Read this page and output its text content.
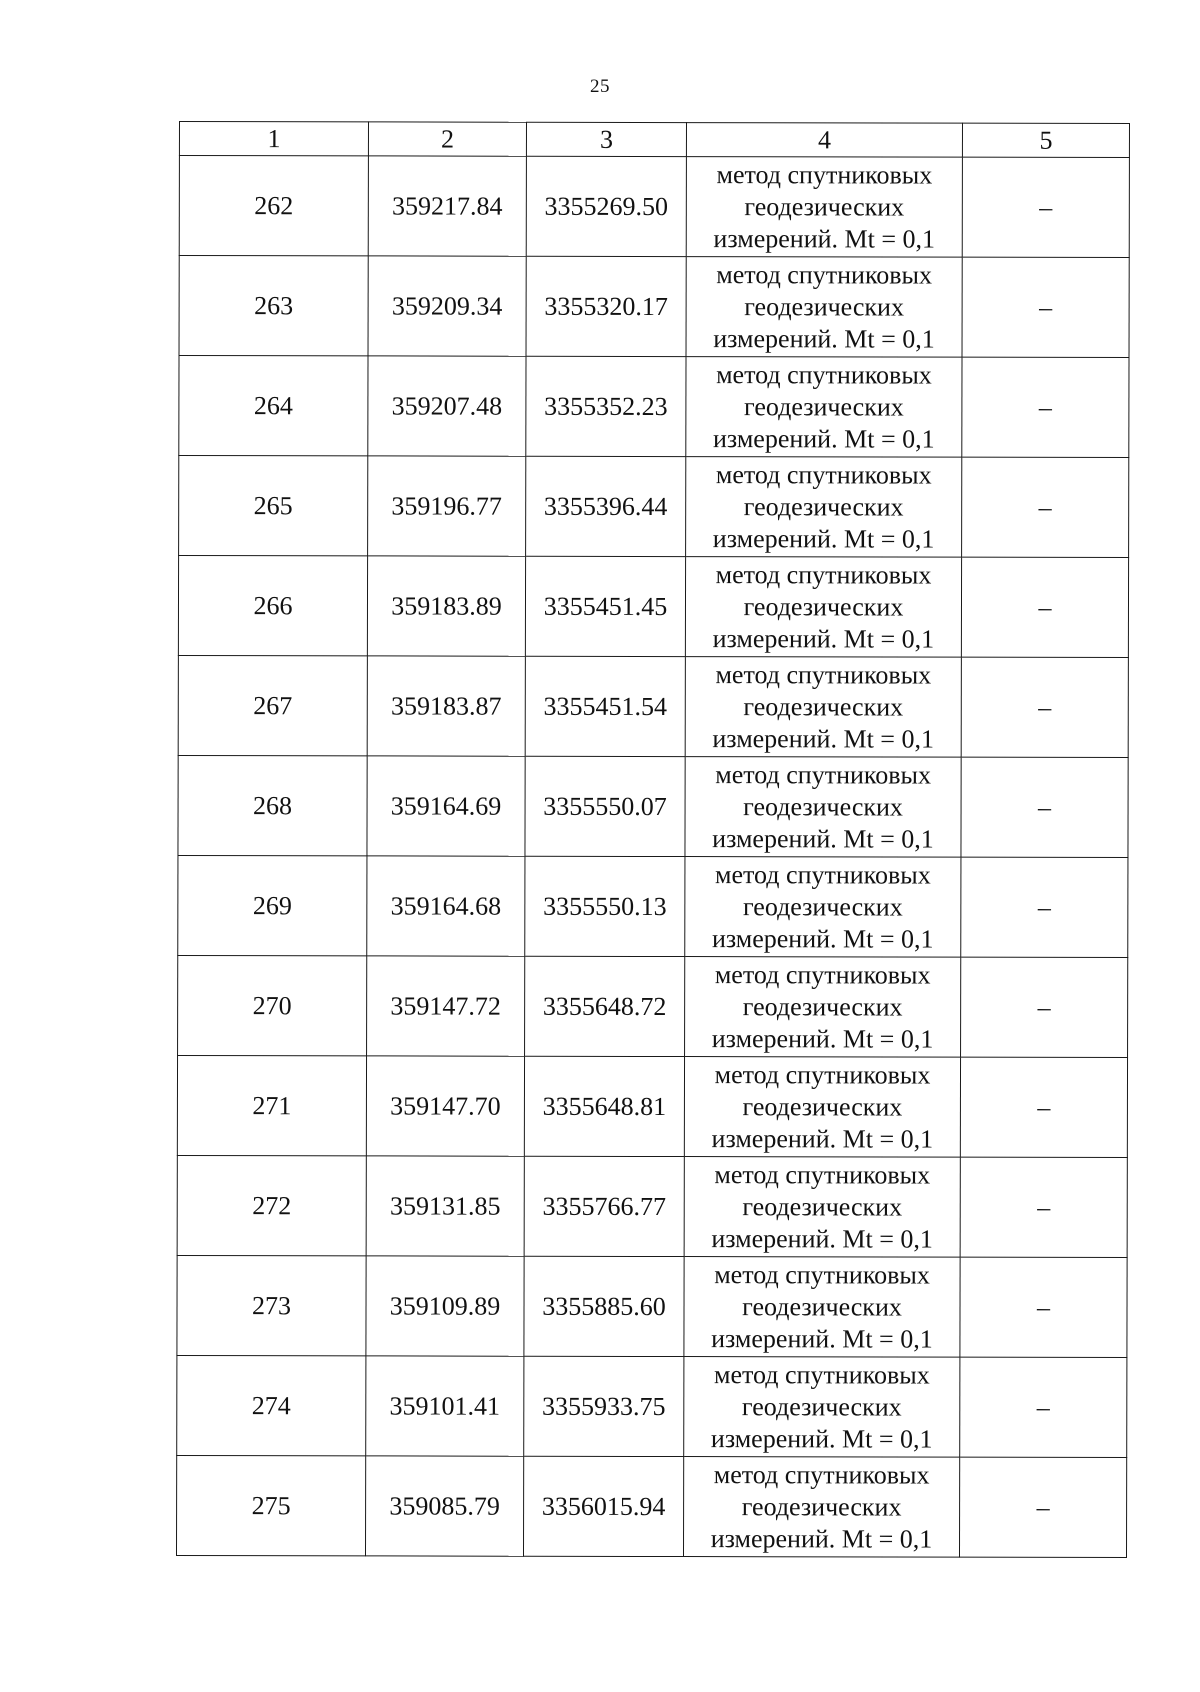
25
1	2	3	4	5
262	359217.84	3355269.50	метод спутниковых
геодезических
измерений. Mt = 0,1	–
263	359209.34	3355320.17	метод спутниковых
геодезических
измерений. Mt = 0,1	–
264	359207.48	3355352.23	метод спутниковых
геодезических
измерений. Mt = 0,1	–
265	359196.77	3355396.44	метод спутниковых
геодезических
измерений. Mt = 0,1	–
266	359183.89	3355451.45	метод спутниковых
геодезических
измерений. Mt = 0,1	–
267	359183.87	3355451.54	метод спутниковых
геодезических
измерений. Mt = 0,1	–
268	359164.69	3355550.07	метод спутниковых
геодезических
измерений. Mt = 0,1	–
269	359164.68	3355550.13	метод спутниковых
геодезических
измерений. Mt = 0,1	–
270	359147.72	3355648.72	метод спутниковых
геодезических
измерений. Mt = 0,1	–
271	359147.70	3355648.81	метод спутниковых
геодезических
измерений. Mt = 0,1	–
272	359131.85	3355766.77	метод спутниковых
геодезических
измерений. Mt = 0,1	–
273	359109.89	3355885.60	метод спутниковых
геодезических
измерений. Mt = 0,1	–
274	359101.41	3355933.75	метод спутниковых
геодезических
измерений. Mt = 0,1	–
275	359085.79	3356015.94	метод спутниковых
геодезических
измерений. Mt = 0,1	–
